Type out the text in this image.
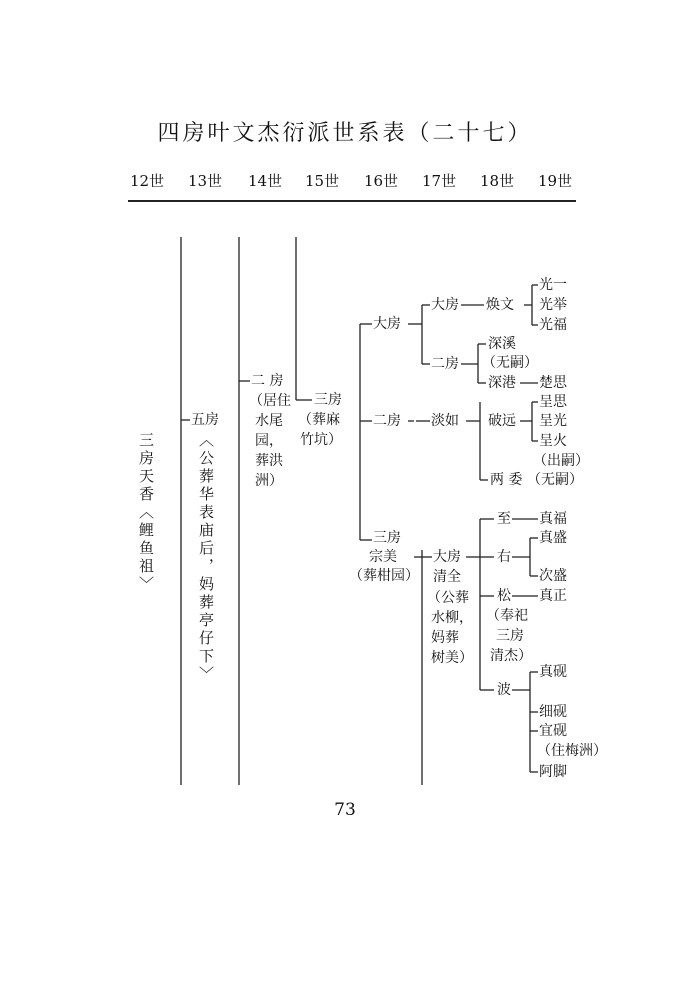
四房叶文杰衍派世系表（二十七）
12世 13世 14世 15世 16世 17世 18世 19世
三房天香〈鲤鱼祖〉
五房
〈公葬华表庙后，妈葬亭仔下〉
二 房
（居住
水尾
园，
葬洪
洲）
三房
（葬麻
竹坑）
大房
二房
三房
宗美
（葬柑园）
大房
二房
淡如
大房
清全
（公葬
水柳，
妈葬
树美）
焕文
深溪
（无嗣）
深港
破远
两 委
至
右
松
（奉祀
三房
清杰）
波
光一
光举
光福
楚思
呈思
呈光
呈火
（出嗣）
（无嗣）
真福
真盛
次盛
真正
真砚
细砚
宜砚
（住梅洲）
阿脚
73
